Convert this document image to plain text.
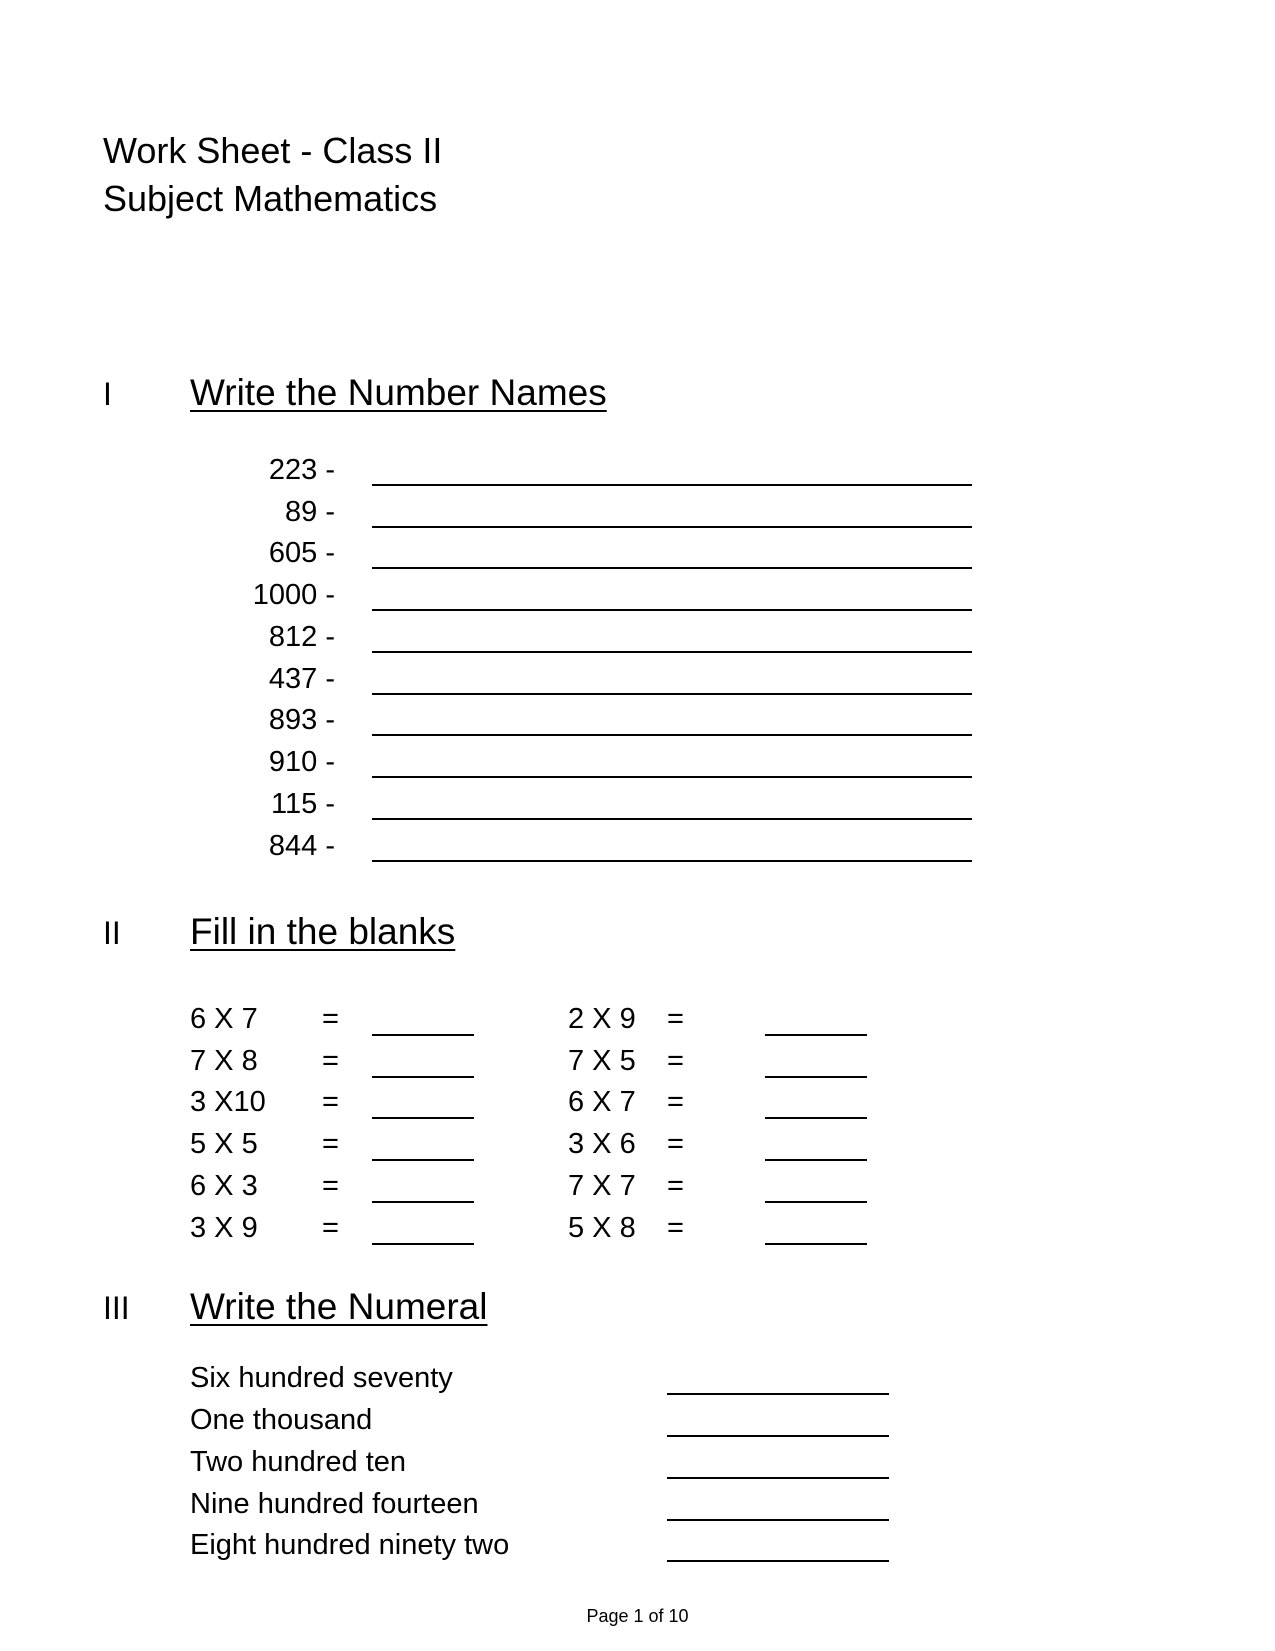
Work Sheet - Class II
Subject Mathematics
I Write the Number Names
223 -
89 -
605 -
1000 -
812 -
437 -
893 -
910 -
115 -
844 -
II Fill in the blanks
6 X 7 =	2 X 9 =
7 X 8 =	7 X 5 =
3 X10 =	6 X 7 =
5 X 5 =	3 X 6 =
6 X 3 =	7 X 7 =
3 X 9 =	5 X 8 =
III Write the Numeral
Six hundred seventy
One thousand
Two hundred ten
Nine hundred fourteen
Eight hundred ninety two
Page 1 of 10
